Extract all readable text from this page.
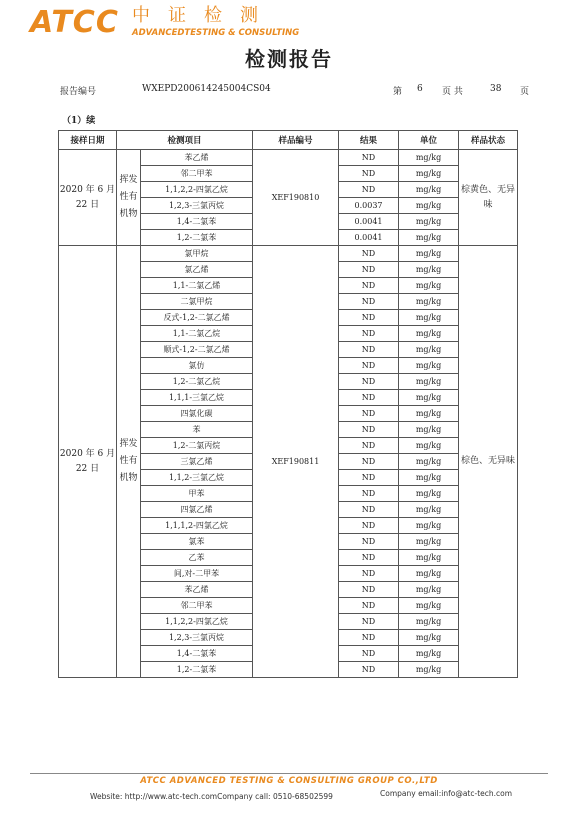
ATCC 中证检测
ADVANCEDTESTING & CONSULTING
检测报告
报告编号	WXEPD200614245004CS04	第 6 页 共	38 页
（1）续
接样日期	检测项目		样品编号	结果	单位	样品状态
2020 年 6 月 22 日	挥发性有机物	苯乙烯	XEF190810	ND	mg/kg	棕黄色、无异味
		邻二甲苯		ND	mg/kg	
		1,1,2,2-四氯乙烷		ND	mg/kg	
		1,2,3-三氯丙烷		0.0037	mg/kg	
		1,4-二氯苯		0.0041	mg/kg	
		1,2-二氯苯		0.0041	mg/kg	
2020 年 6 月 22 日	挥发性有机物	氯甲烷	XEF190811	ND	mg/kg	棕色、无异味
		氯乙烯		ND	mg/kg	
		1,1-二氯乙烯		ND	mg/kg	
		二氯甲烷		ND	mg/kg	
		反式-1,2-二氯乙烯		ND	mg/kg	
		1,1-二氯乙烷		ND	mg/kg	
		顺式-1,2-二氯乙烯		ND	mg/kg	
		氯仿		ND	mg/kg	
		1,2-二氯乙烷		ND	mg/kg	
		1,1,1-三氯乙烷		ND	mg/kg	
		四氯化碳		ND	mg/kg	
		苯		ND	mg/kg	
		1,2-二氯丙烷		ND	mg/kg	
		三氯乙烯		ND	mg/kg	
		1,1,2-三氯乙烷		ND	mg/kg	
		甲苯		ND	mg/kg	
		四氯乙烯		ND	mg/kg	
		1,1,1,2-四氯乙烷		ND	mg/kg	
		氯苯		ND	mg/kg	
		乙苯		ND	mg/kg	
		间,对-二甲苯		ND	mg/kg	
		苯乙烯		ND	mg/kg	
		邻二甲苯		ND	mg/kg	
		1,1,2,2-四氯乙烷		ND	mg/kg	
		1,2,3-三氯丙烷		ND	mg/kg	
		1,4-二氯苯		ND	mg/kg	
		1,2-二氯苯		ND	mg/kg	
ATCC ADVANCED TESTING & CONSULTING GROUP CO.,LTD
Website: http://www.atc-tech.comCompany call: 0510-68502599	Company email:info@atc-tech.com
